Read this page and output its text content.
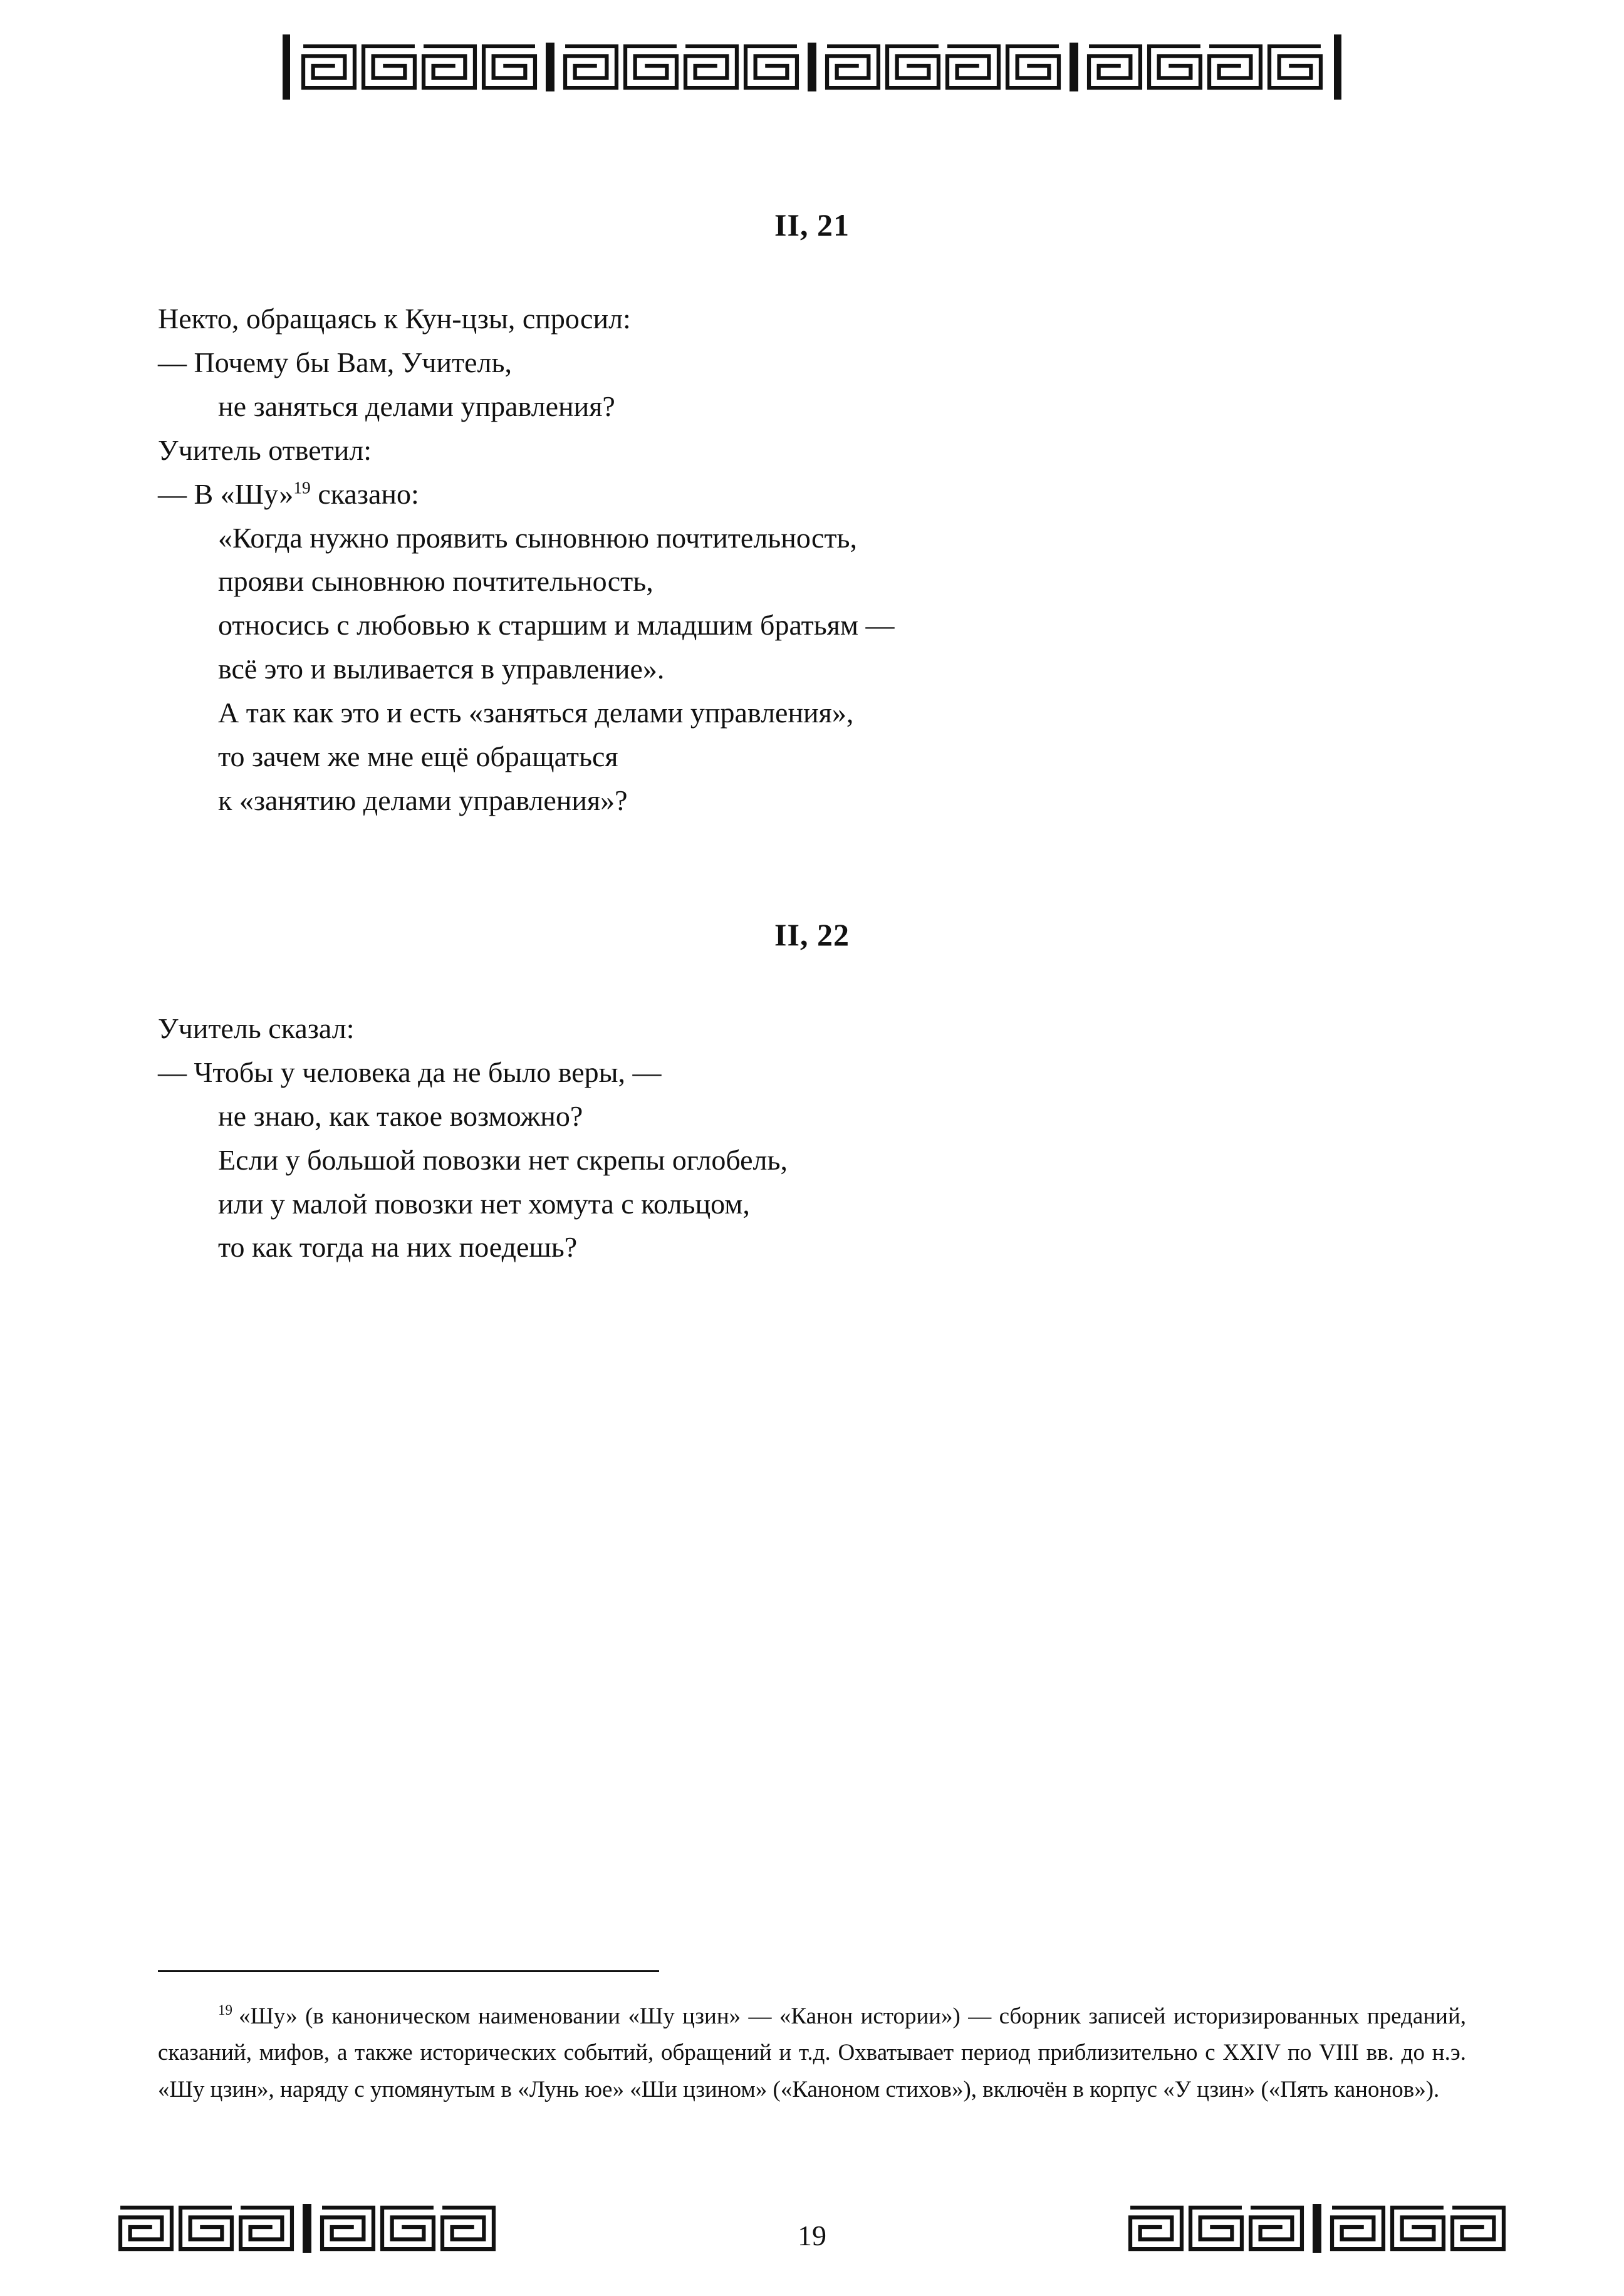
II, 21

Некто, обращаясь к Кун-цзы, спросил:

— Почему бы Вам, Учитель,

не заняться делами управления?

Учитель ответил:

— В «Шу»$^{19}$ сказано:

«Когда нужно проявить сыновнюю почтительность,

прояви сыновнюю почтительность,

относись с любовью к старшим и младшим братьям —

всё это и выливается в управление».

А так как это и есть «заняться делами управления»,

то зачем же мне ещё обращаться

к «занятию делами управления»?

II, 22

Учитель сказал:

— Чтобы у человека да не было веры, —

не знаю, как такое возможно?

Если у большой повозки нет скрепы оглобель,

или у малой повозки нет хомута с кольцом,

то как тогда на них поедешь?

$^{19}$ «Шу» (в каноническом наименовании «Шу цзин» — «Канон истории») — сборник записей историзированных преданий, сказаний, мифов, а также исторических событий, обращений и т.д. Охватывает период приблизительно с XXIV по VIII вв. до н.э. «Шу цзин», наряду с упомянутым в «Лунь юе» «Ши цзином» («Каноном стихов»), включён в корпус «У цзин» («Пять канонов»).

19
